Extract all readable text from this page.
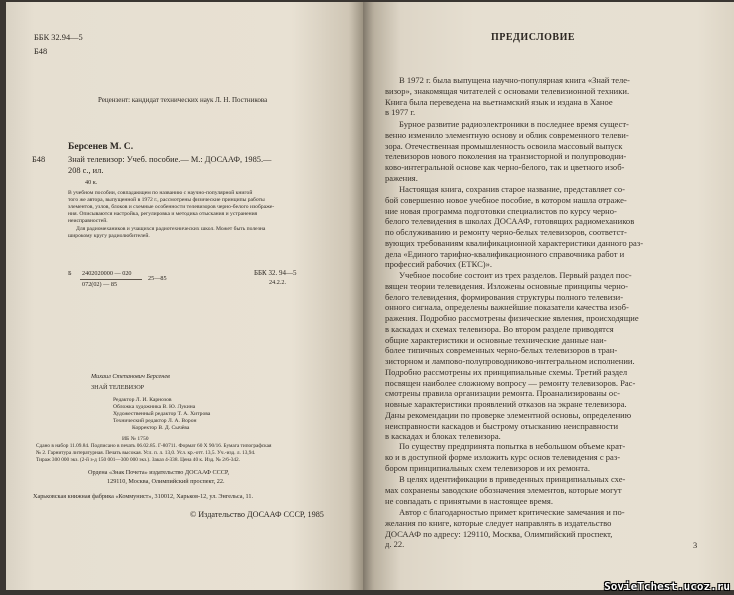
ББК 32.94—5
Б48
Рецензент: кандидат технических наук Л. Н. Постникова
Берсенев М. С.
Б48	Знай телевизор: Учеб. пособие.— М.: ДОСААФ, 1985.—
208 с., ил.
40 к.
В учебном пособии, совпадающем по названию с научно-популярной книгой
того же автора, выпущенной в 1972 г., рассмотрены физические принципы работы
элементов, узлов, блоков и схемные особенности телевизоров черно-белого изображе-
ния. Описываются настройка, регулировка и методика отыскания и устранения
неисправностей.
Для радиомехаников и учащихся радиотехнических школ. Может быть полезна
широкому кругу радиолюбителей.
Б 2402020000 — 020
072(02) — 85
25—85
ББК 32. 94—5
24.2.2.
Михаил Степанович Берсенев
ЗНАЙ ТЕЛЕВИЗОР
Редактор Л. И. Карнозов
Обложка художника В. Ю. Лукина
Художественный редактор Т. А. Хитрова
Технический редактор Л. А. Ворон
Корректор В. Д. Сычёва
ИБ № 1750
Сдано в набор 11.09.84. Подписано в печать 06.02.85. Г-80711. Формат 60 Х 90/16. Бумага типографская
№ 2. Гарнитура литературная. Печать высокая. Усл. п. л. 13,0. Усл. кр.-отт. 13,5. Уч.-изд. л. 13,94.
Тираж 300 000 экз. (2-й з-д 150 001—300 000 экз.). Заказ 4-338. Цена 40 к. Изд. № 2/6-342.
Ордена «Знак Почета» издательство ДОСААФ СССР,
129110, Москва, Олимпийский проспект, 22.
Харьковская книжная фабрика «Коммунист», 310012, Харьков-12, ул. Энгельса, 11.
© Издательство ДОСААФ СССР, 1985
ПРЕДИСЛОВИЕ
В 1972 г. была выпущена научно-популярная книга «Знай теле-
визор», знакомящая читателей с основами телевизионной техники.
Книга была переведена на вьетнамский язык и издана в Ханое
в 1977 г.
Бурное развитие радиоэлектроники в последнее время сущест-
венно изменило элементную основу и облик современного телеви-
зора. Отечественная промышленность освоила массовый выпуск
телевизоров нового поколения на транзисторной и полупроводни-
ково-интегральной основе как черно-белого, так и цветного изоб-
ражения.
Настоящая книга, сохранив старое название, представляет со-
бой совершенно новое учебное пособие, в котором нашла отраже-
ние новая программа подготовки специалистов по курсу черно-
белого телевидения в школах ДОСААФ, готовящих радиомехаников
по обслуживанию и ремонту черно-белых телевизоров, соответст-
вующих требованиям квалификационной характеристики данного раз-
дела «Единого тарифно-квалификационного справочника работ и
профессий рабочих (ЕТКС)».
Учебное пособие состоит из трех разделов. Первый раздел пос-
вящен теории телевидения. Изложены основные принципы черно-
белого телевидения, формирования структуры полного телевизи-
онного сигнала, определены важнейшие показатели качества изоб-
ражения. Подробно рассмотрены физические явления, происходящие
в каскадах и схемах телевизора. Во втором разделе приводятся
общие характеристики и основные технические данные наи-
более типичных современных черно-белых телевизоров в тран-
зисторном и ламповo-полупроводниково-интегральном исполнении.
Подробно рассмотрены их принципиальные схемы. Третий раздел
посвящен наиболее сложному вопросу — ремонту телевизоров. Рас-
смотрены правила организации ремонта. Проанализированы ос-
новные характеристики проявлений отказов на экране телевизора.
Даны рекомендации по проверке элементной основы, определению
неисправности каскадов и быстрому отысканию неисправности
в каскадах и блоках телевизора.
По существу предпринята попытка в небольшом объеме крат-
ко и в доступной форме изложить курс основ телевидения с раз-
бором принципиальных схем телевизоров и их ремонта.
В целях идентификации в приведенных принципиальных схе-
мах сохранены заводские обозначения элементов, которые могут
не совпадать с принятыми в настоящее время.
Автор с благодарностью примет критические замечания и по-
желания по книге, которые следует направлять в издательство
ДОСААФ по адресу: 129110, Москва, Олимпийский проспект,
д. 22.	3
SovieTchest.ucoz.ru
